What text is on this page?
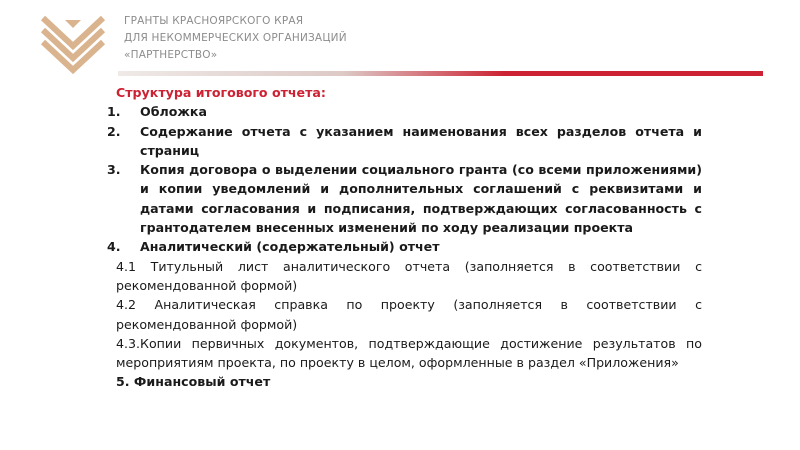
ГРАНТЫ КРАСНОЯРСКОГО КРАЯ
ДЛЯ НЕКОММЕРЧЕСКИХ ОРГАНИЗАЦИЙ
«ПАРТНЕРСТВО»
Структура итогового отчета:
1. Обложка
2. Содержание отчета с указанием наименования всех разделов отчета и страниц
3. Копия договора о выделении социального гранта (со всеми приложениями) и копии уведомлений и дополнительных соглашений с реквизитами и датами согласования и подписания, подтверждающих согласованность с грантодателем внесенных изменений по ходу реализации проекта
4. Аналитический (содержательный) отчет
4.1 Титульный лист аналитического отчета (заполняется в соответствии с рекомендованной формой)
4.2 Аналитическая справка по проекту (заполняется в соответствии с рекомендованной формой)
4.3.Копии первичных документов, подтверждающие достижение результатов по мероприятиям проекта, по проекту в целом, оформленные в раздел «Приложения»
5. Финансовый отчет
